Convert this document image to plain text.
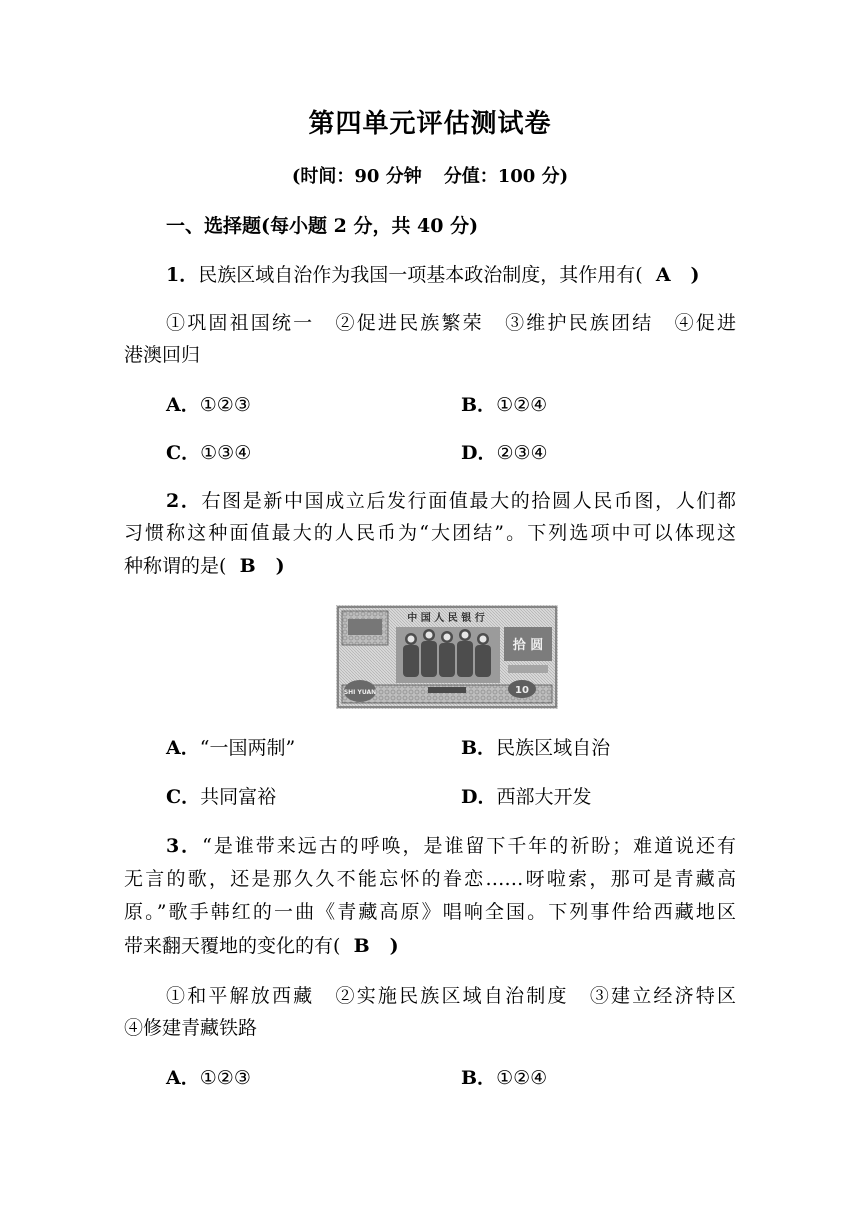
第四单元评估测试卷
(时间：90 分钟 分值：100 分)
一、选择题(每小题 2 分，共 40 分)
1．民族区域自治作为我国一项基本政治制度，其作用有( A )
①巩固祖国统一　②促进民族繁荣　③维护民族团结　④促进
港澳回归
A．①②③	B．①②④
C．①③④	D．②③④
2．右图是新中国成立后发行面值最大的拾圆人民币图，人们都
习惯称这种面值最大的人民币为“大团结”。下列选项中可以体现这
种称谓的是( B )
中 国 人 民 银 行
拾 圆
SHI YUAN	10
A．“一国两制”	B．民族区域自治
C．共同富裕	D．西部大开发
3．“是谁带来远古的呼唤，是谁留下千年的祈盼；难道说还有
无言的歌，还是那久久不能忘怀的眷恋……呀啦索，那可是青藏高
原。”歌手韩红的一曲《青藏高原》唱响全国。下列事件给西藏地区
带来翻天覆地的变化的有( B )
①和平解放西藏　②实施民族区域自治制度　③建立经济特区
④修建青藏铁路
A．①②③	B．①②④
